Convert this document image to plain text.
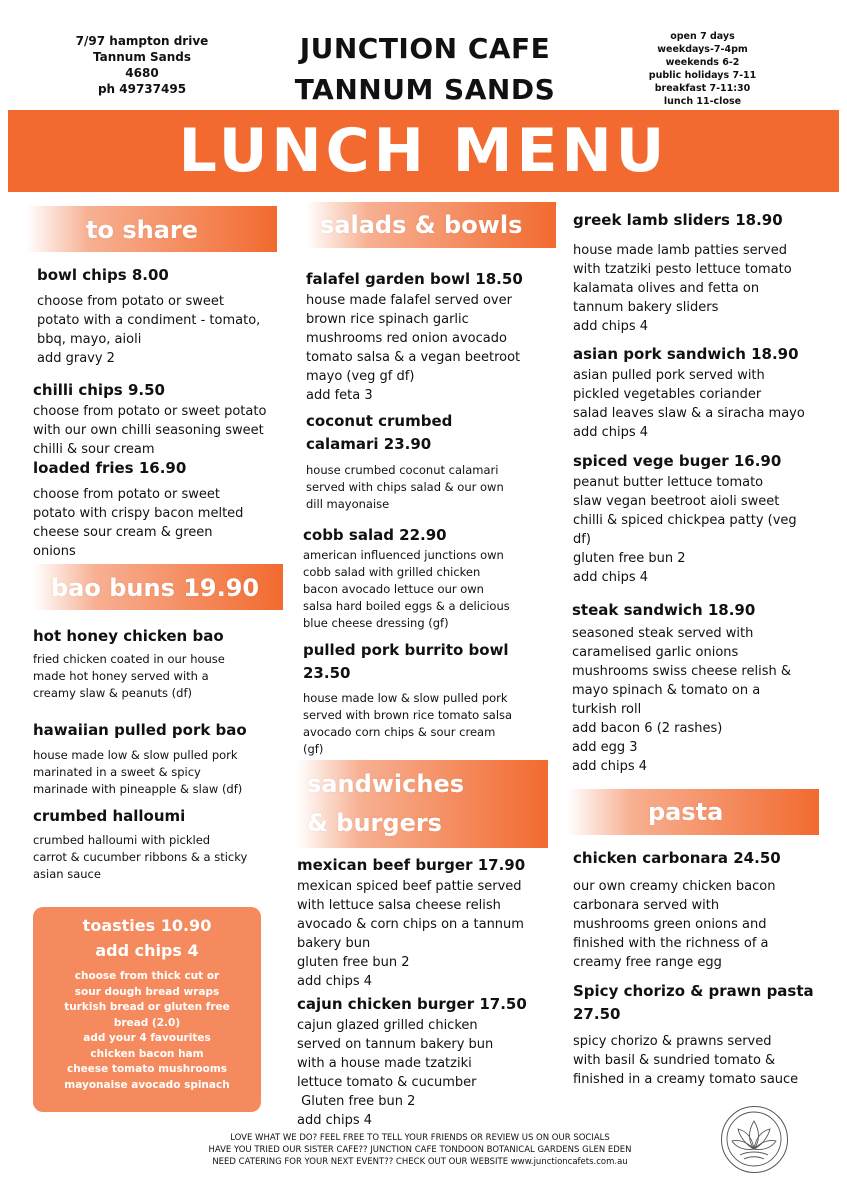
7/97 hampton drive
Tannum Sands
4680
ph 49737495
JUNCTION CAFE
TANNUM SANDS
open 7 days
weekdays-7-4pm
weekends 6-2
public holidays 7-11
breakfast 7-11:30
lunch 11-close
LUNCH MENU
to share
bowl chips 8.00
choose from potato or sweet
potato with a condiment - tomato,
bbq, mayo, aioli
add gravy 2
chilli chips 9.50
choose from potato or sweet potato
with our own chilli seasoning sweet
chilli & sour cream
loaded fries 16.90
choose from potato or sweet
potato with crispy bacon melted
cheese sour cream & green
onions
bao buns 19.90
hot honey chicken bao
fried chicken coated in our house
made hot honey served with a
creamy slaw & peanuts (df)
hawaiian pulled pork bao
house made low & slow pulled pork
marinated in a sweet & spicy
marinade with pineapple & slaw (df)
crumbed halloumi
crumbed halloumi with pickled
carrot & cucumber ribbons & a sticky
asian sauce
toasties 10.90
add chips 4
choose from thick cut or
sour dough bread wraps
turkish bread or gluten free
bread (2.0)
add your 4 favourites
chicken bacon ham
cheese tomato mushrooms
mayonaise avocado spinach
salads & bowls
falafel garden bowl 18.50
house made falafel served over
brown rice spinach garlic
mushrooms red onion avocado
tomato salsa & a vegan beetroot
mayo (veg gf df)
add feta 3
coconut crumbed
calamari 23.90
house crumbed coconut calamari
served with chips salad & our own
dill mayonaise
cobb salad 22.90
american influenced junctions own
cobb salad with grilled chicken
bacon avocado lettuce our own
salsa hard boiled eggs & a delicious
blue cheese dressing (gf)
pulled pork burrito bowl
23.50
house made low & slow pulled pork
served with brown rice tomato salsa
avocado corn chips & sour cream
(gf)
sandwiches
& burgers
mexican beef burger 17.90
mexican spiced beef pattie served
with lettuce salsa cheese relish
avocado & corn chips on a tannum
bakery bun
gluten free bun 2
add chips 4
cajun chicken burger 17.50
cajun glazed grilled chicken
served on tannum bakery bun
with a house made tzatziki
lettuce tomato & cucumber
Gluten free bun 2
add chips 4
greek lamb sliders 18.90
house made lamb patties served
with tzatziki pesto lettuce tomato
kalamata olives and fetta on
tannum bakery sliders
add chips 4
asian pork sandwich 18.90
asian pulled pork served with
pickled vegetables coriander
salad leaves slaw & a siracha mayo
add chips 4
spiced vege buger 16.90
peanut butter lettuce tomato
slaw vegan beetroot aioli sweet
chilli & spiced chickpea patty (veg
df)
gluten free bun 2
add chips 4
steak sandwich 18.90
seasoned steak served with
caramelised garlic onions
mushrooms swiss cheese relish &
mayo spinach & tomato on a
turkish roll
add bacon 6 (2 rashes)
add egg 3
add chips 4
pasta
chicken carbonara 24.50
our own creamy chicken bacon
carbonara served with
mushrooms green onions and
finished with the richness of a
creamy free range egg
Spicy chorizo & prawn pasta
27.50
spicy chorizo & prawns served
with basil & sundried tomato &
finished in a creamy tomato sauce
LOVE WHAT WE DO? FEEL FREE TO TELL YOUR FRIENDS OR REVIEW US ON OUR SOCIALS
HAVE YOU TRIED OUR SISTER CAFE?? JUNCTION CAFE TONDOON BOTANICAL GARDENS GLEN EDEN
NEED CATERING FOR YOUR NEXT EVENT?? CHECK OUT OUR WEBSITE www.junctioncafets.com.au
